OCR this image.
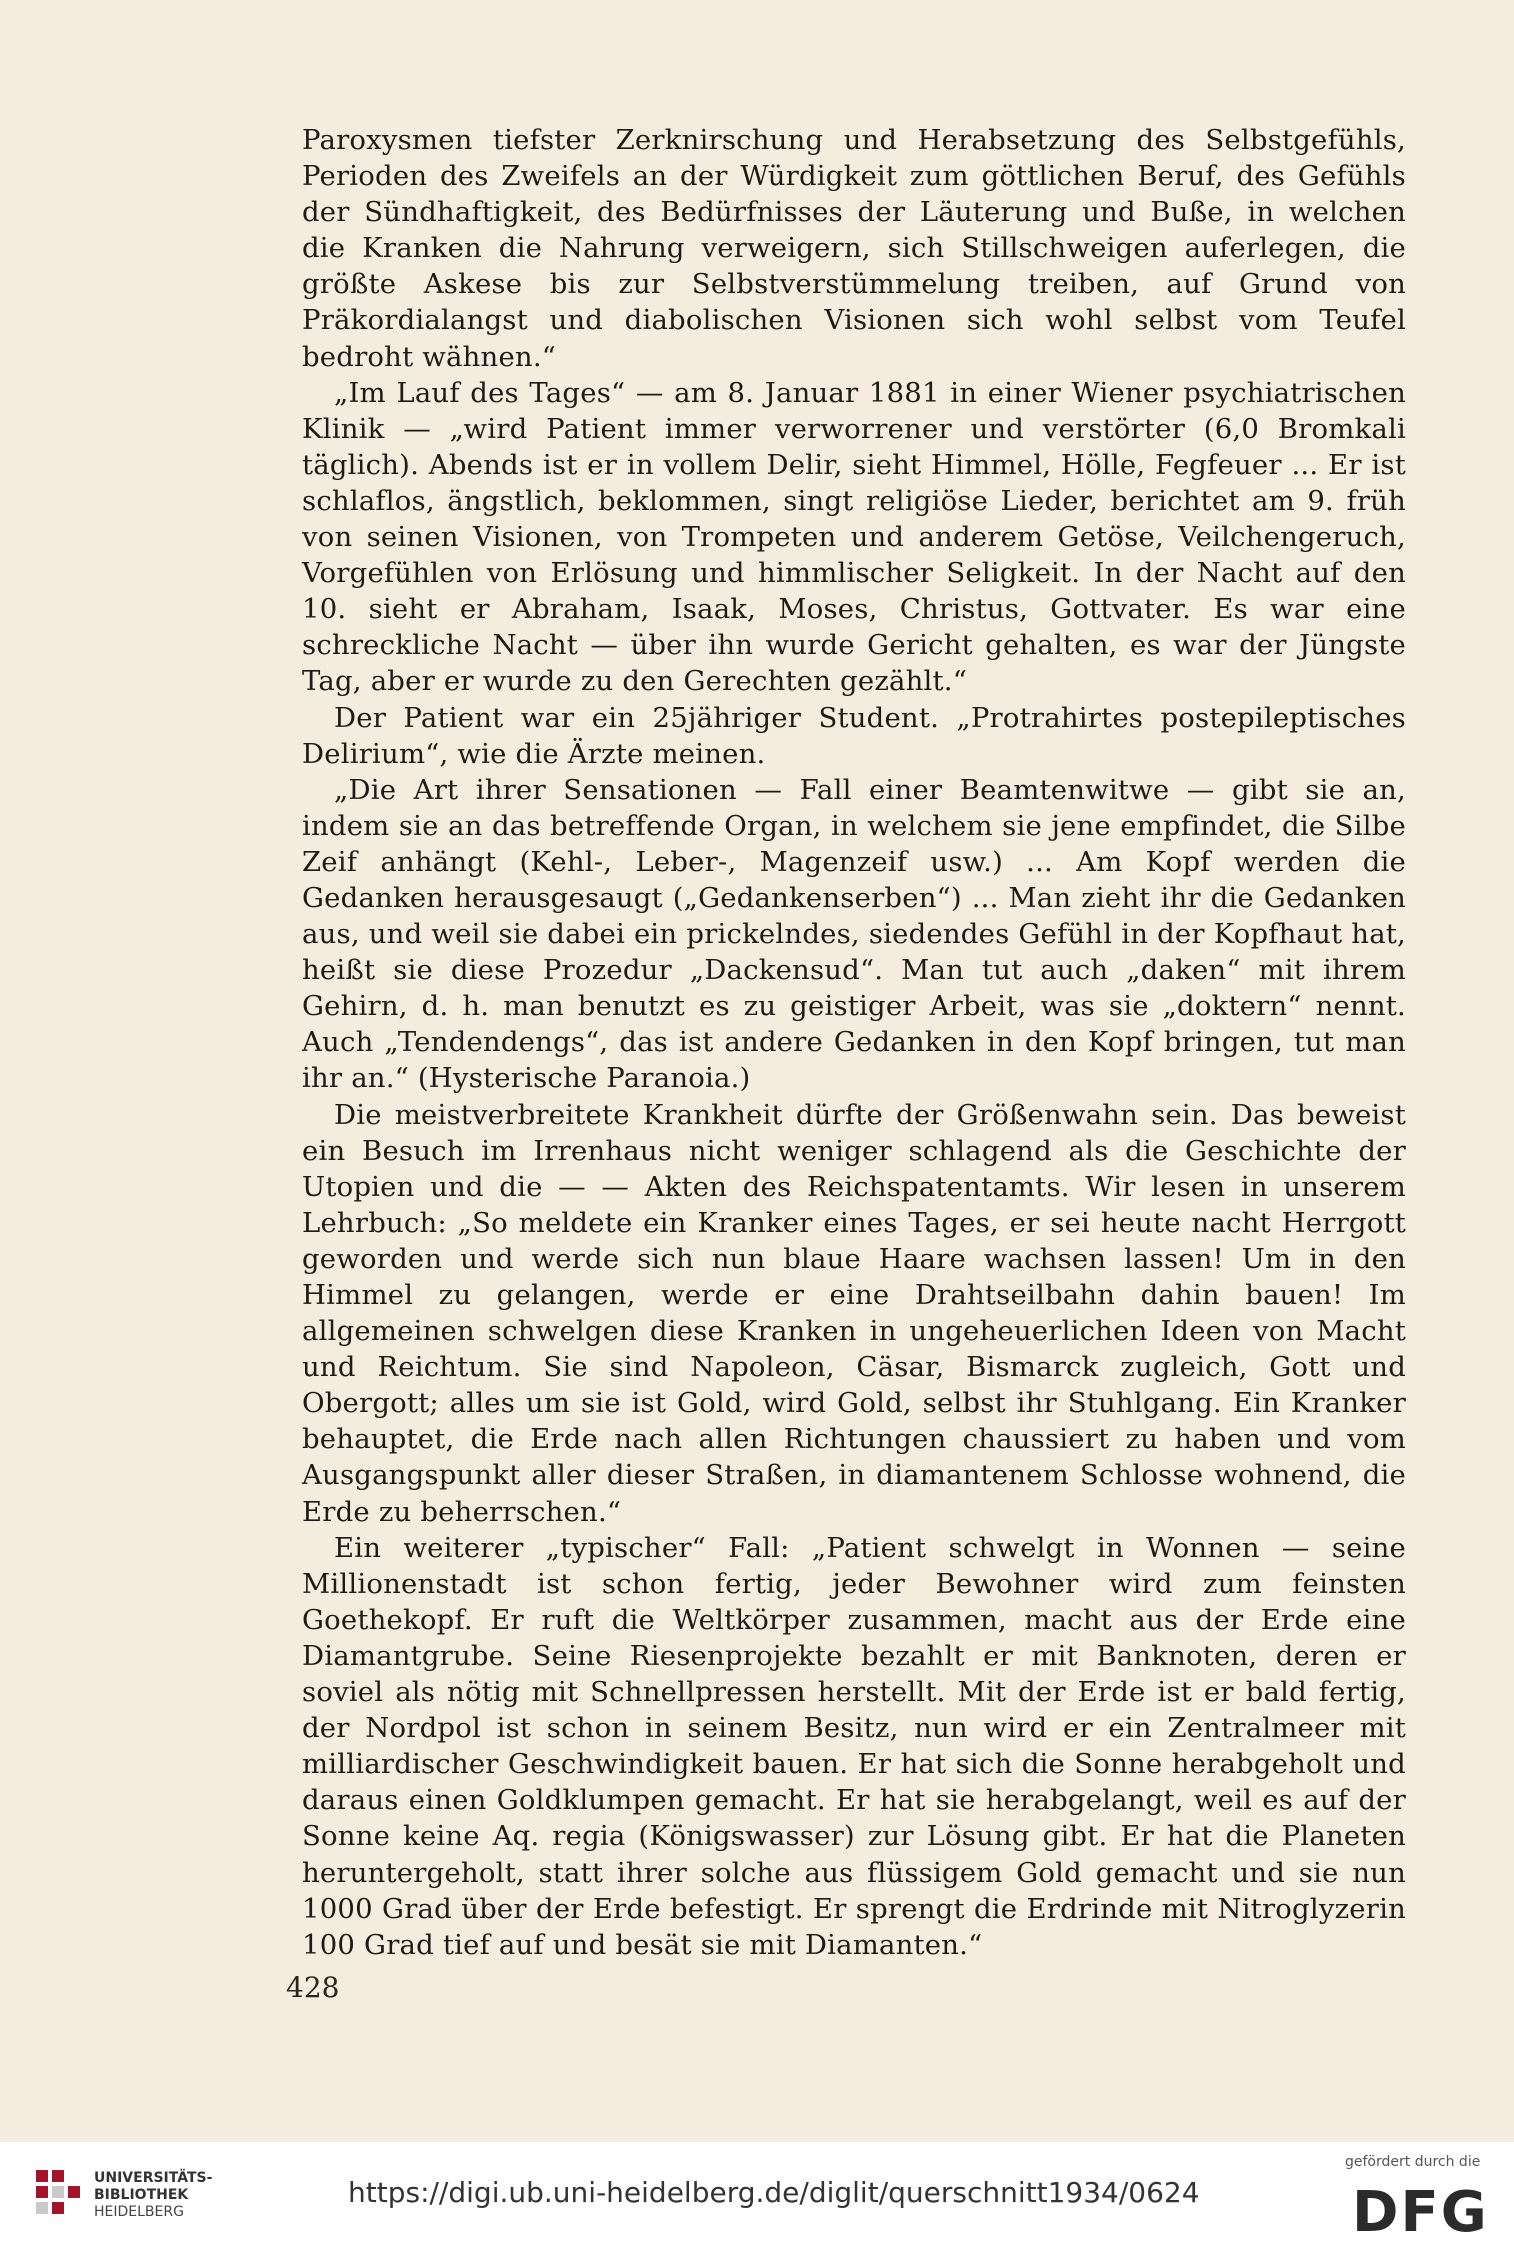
Paroxysmen tiefster Zerknirschung und Herabsetzung des Selbstgefühls, Perioden des Zweifels an der Würdigkeit zum göttlichen Beruf, des Gefühls der Sündhaftigkeit, des Bedürfnisses der Läuterung und Buße, in welchen die Kranken die Nahrung verweigern, sich Stillschweigen auferlegen, die größte Askese bis zur Selbstverstümmelung treiben, auf Grund von Präkordialangst und diabolischen Visionen sich wohl selbst vom Teufel bedroht wähnen.“

„Im Lauf des Tages“ — am 8. Januar 1881 in einer Wiener psychiatrischen Klinik — „wird Patient immer verworrener und verstörter (6,0 Bromkali täglich). Abends ist er in vollem Delir, sieht Himmel, Hölle, Fegfeuer ... Er ist schlaflos, ängstlich, beklommen, singt religiöse Lieder, berichtet am 9. früh von seinen Visionen, von Trompeten und anderem Getöse, Veilchengeruch, Vorgefühlen von Erlösung und himmlischer Seligkeit. In der Nacht auf den 10. sieht er Abraham, Isaak, Moses, Christus, Gottvater. Es war eine schreckliche Nacht — über ihn wurde Gericht gehalten, es war der Jüngste Tag, aber er wurde zu den Gerechten gezählt.“

Der Patient war ein 25jähriger Student. „Protrahirtes postepileptisches Delirium“, wie die Ärzte meinen.

„Die Art ihrer Sensationen — Fall einer Beamtenwitwe — gibt sie an, indem sie an das betreffende Organ, in welchem sie jene empfindet, die Silbe Zeif anhängt (Kehl-, Leber-, Magenzeif usw.) ... Am Kopf werden die Gedanken herausgesaugt („Gedankenserben“) ... Man zieht ihr die Gedanken aus, und weil sie dabei ein prickelndes, siedendes Gefühl in der Kopfhaut hat, heißt sie diese Prozedur „Dackensud“. Man tut auch „daken“ mit ihrem Gehirn, d. h. man benutzt es zu geistiger Arbeit, was sie „doktern“ nennt. Auch „Tendendengs“, das ist andere Gedanken in den Kopf bringen, tut man ihr an.“ (Hysterische Paranoia.)

Die meistverbreitete Krankheit dürfte der Größenwahn sein. Das beweist ein Besuch im Irrenhaus nicht weniger schlagend als die Geschichte der Utopien und die — — Akten des Reichspatentamts. Wir lesen in unserem Lehrbuch: „So meldete ein Kranker eines Tages, er sei heute nacht Herrgott geworden und werde sich nun blaue Haare wachsen lassen! Um in den Himmel zu gelangen, werde er eine Drahtseilbahn dahin bauen! Im allgemeinen schwelgen diese Kranken in ungeheuerlichen Ideen von Macht und Reichtum. Sie sind Napoleon, Cäsar, Bismarck zugleich, Gott und Obergott; alles um sie ist Gold, wird Gold, selbst ihr Stuhlgang. Ein Kranker behauptet, die Erde nach allen Richtungen chaussiert zu haben und vom Ausgangspunkt aller dieser Straßen, in diamantenem Schlosse wohnend, die Erde zu beherrschen.“

Ein weiterer „typischer“ Fall: „Patient schwelgt in Wonnen — seine Millionenstadt ist schon fertig, jeder Bewohner wird zum feinsten Goethekopf. Er ruft die Weltkörper zusammen, macht aus der Erde eine Diamantgrube. Seine Riesenprojekte bezahlt er mit Banknoten, deren er soviel als nötig mit Schnellpressen herstellt. Mit der Erde ist er bald fertig, der Nordpol ist schon in seinem Besitz, nun wird er ein Zentralmeer mit milliardischer Geschwindigkeit bauen. Er hat sich die Sonne herabgeholt und daraus einen Goldklumpen gemacht. Er hat sie herabgelangt, weil es auf der Sonne keine Aq. regia (Königswasser) zur Lösung gibt. Er hat die Planeten heruntergeholt, statt ihrer solche aus flüssigem Gold gemacht und sie nun 1000 Grad über der Erde befestigt. Er sprengt die Erdrinde mit Nitroglyzerin 100 Grad tief auf und besät sie mit Diamanten.“

428
UNIVERSITÄTS-
BIBLIOTHEK
HEIDELBERG
https://digi.ub.uni-heidelberg.de/diglit/querschnitt1934/0624
gefördert durch die
DFG
